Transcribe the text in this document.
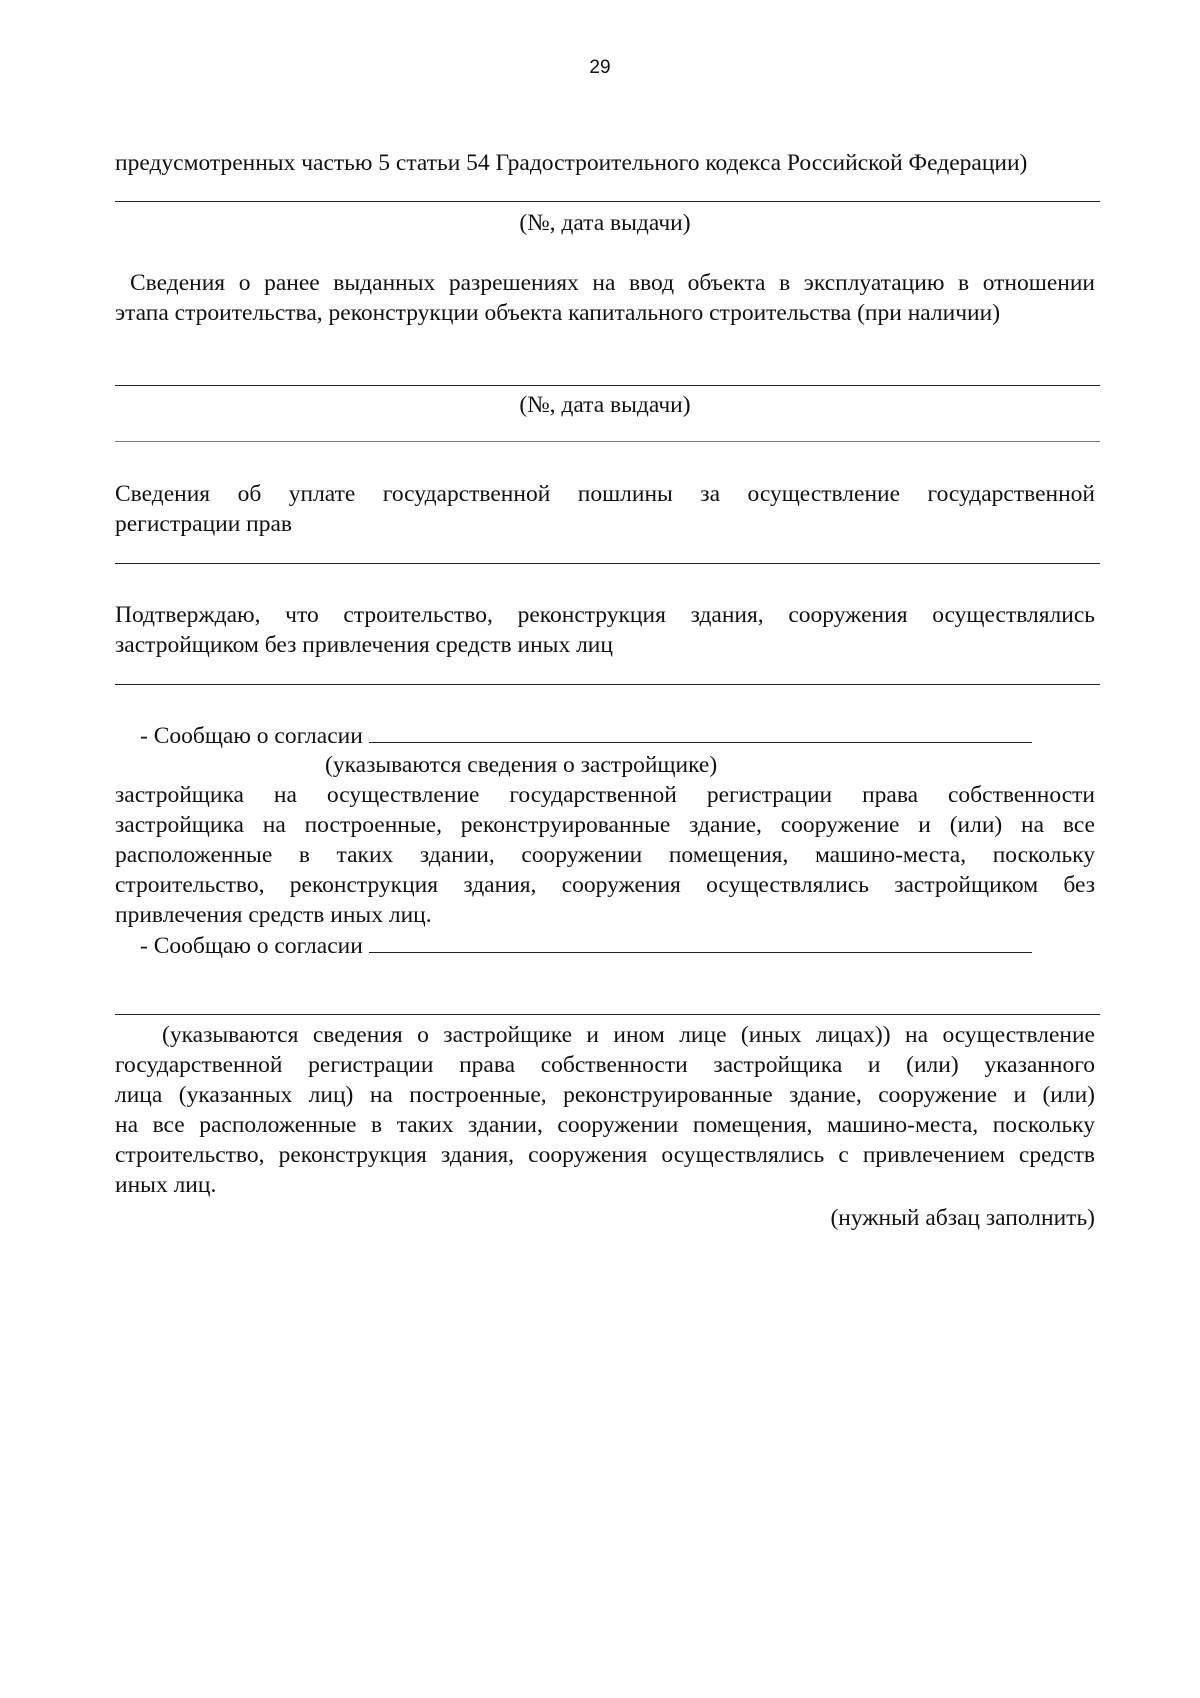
29

предусмотренных частью 5 статьи 54 Градостроительного кодекса Российской Федерации)

(№, дата выдачи)

Сведения о ранее выданных разрешениях на ввод объекта в эксплуатацию в отношении

этапа строительства, реконструкции объекта капитального строительства (при наличии)

(№, дата выдачи)

Сведения об уплате государственной пошлины за осуществление государственной

регистрации прав

Подтверждаю, что строительство, реконструкция здания, сооружения осуществлялись

застройщиком без привлечения средств иных лиц

- Сообщаю о согласии

(указываются сведения о застройщике)

застройщика на осуществление государственной регистрации права собственности

застройщика на построенные, реконструированные здание, сооружение и (или) на все

расположенные в таких здании, сооружении помещения, машино-места, поскольку

строительство, реконструкция здания, сооружения осуществлялись застройщиком без

привлечения средств иных лиц.

- Сообщаю о согласии

(указываются сведения о застройщике и ином лице (иных лицах)) на осуществление

государственной регистрации права собственности застройщика и (или) указанного

лица (указанных лиц) на построенные, реконструированные здание, сооружение и (или)

на все расположенные в таких здании, сооружении помещения, машино-места, поскольку

строительство, реконструкция здания, сооружения осуществлялись с привлечением средств

иных лиц.

(нужный абзац заполнить)
